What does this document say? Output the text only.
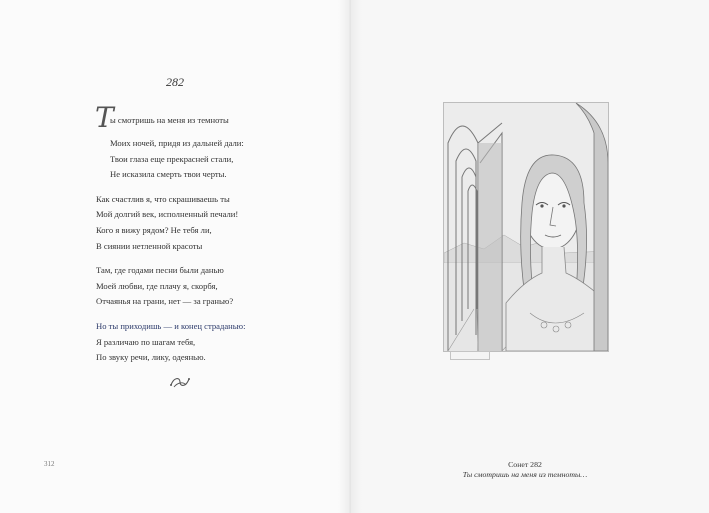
282
Т
ы смотришь на меня из темноты
Моих ночей, придя из дальней дали:
Твои глаза еще прекрасней стали,
Не исказила смерть твои черты.
Как счастлив я, что скрашиваешь ты
Мой долгий век, исполненный печали!
Кого я вижу рядом? Не тебя ли,
В сиянии нетленной красоты
Там, где годами песни были данью
Моей любви, где плачу я, скорбя,
Отчаянья на грани, нет — за гранью?
Но ты приходишь — и конец страданью:
Я различаю по шагам тебя,
По звуку речи, лику, одеянью.
312	Сонет 282
Ты смотришь на меня из темноты…
